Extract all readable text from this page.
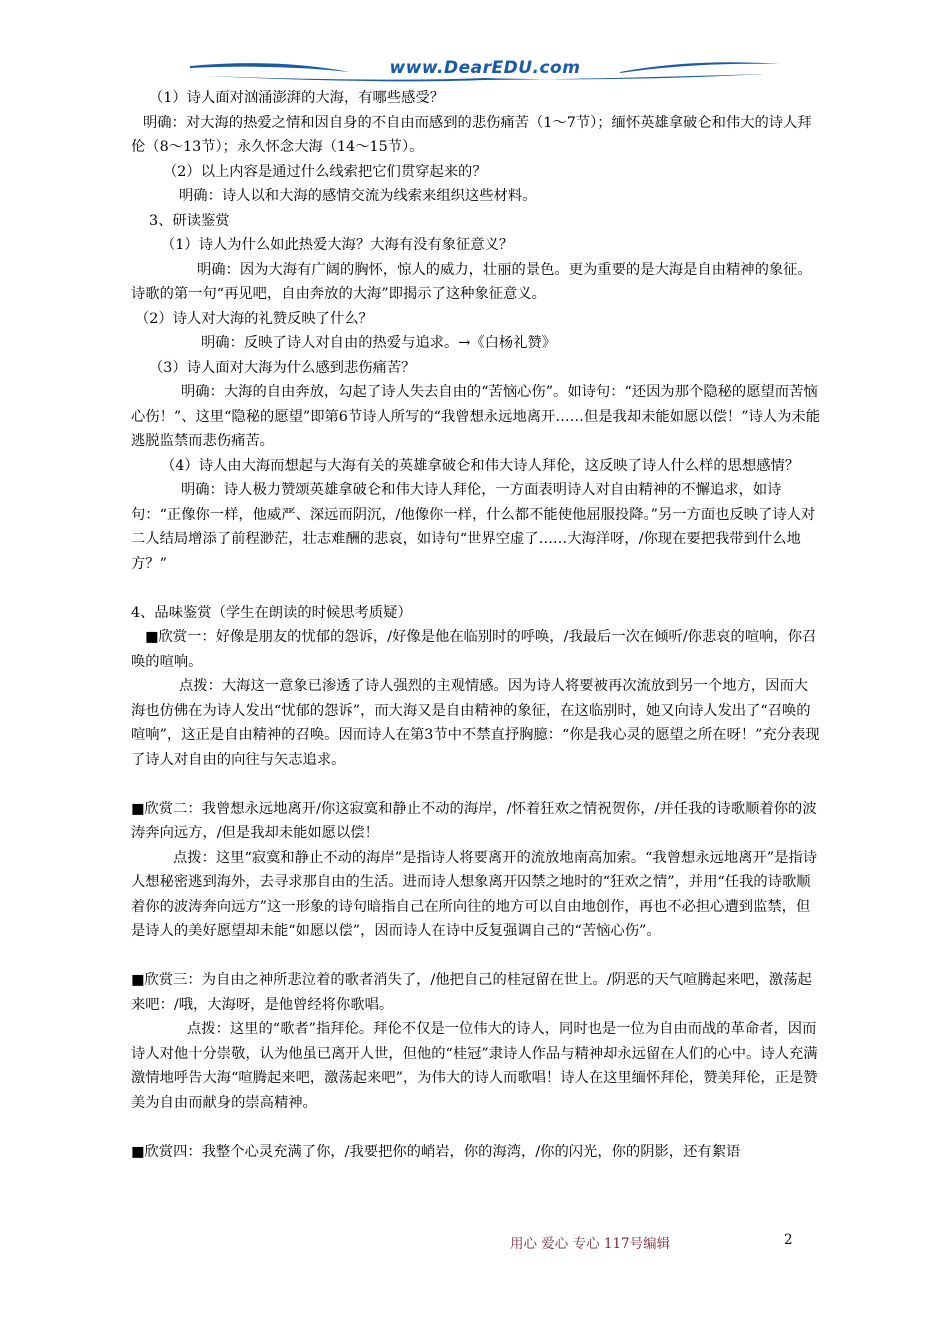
www.DearEDU.com

（1）诗人面对汹涌澎湃的大海，有哪些感受？

明确：对大海的热爱之情和因自身的不自由而感到的悲伤痛苦（1～7节）；缅怀英雄拿破仑和伟大的诗人拜伦（8～13节）；永久怀念大海（14～15节）。

（2）以上内容是通过什么线索把它们贯穿起来的？

明确：诗人以和大海的感情交流为线索来组织这些材料。

3、研读鉴赏

（1）诗人为什么如此热爱大海？大海有没有象征意义？

明确：因为大海有广阔的胸怀，惊人的威力，壮丽的景色。更为重要的是大海是自由精神的象征。诗歌的第一句“再见吧，自由奔放的大海”即揭示了这种象征意义。

（2）诗人对大海的礼赞反映了什么？

明确：反映了诗人对自由的热爱与追求。→《白杨礼赞》

（3）诗人面对大海为什么感到悲伤痛苦？

明确：大海的自由奔放，勾起了诗人失去自由的“苦恼心伤”。如诗句：“还因为那个隐秘的愿望而苦恼心伤！”、这里“隐秘的愿望”即第6节诗人所写的“我曾想永远地离开……但是我却未能如愿以偿！”诗人为未能逃脱监禁而悲伤痛苦。

（4）诗人由大海而想起与大海有关的英雄拿破仑和伟大诗人拜伦，这反映了诗人什么样的思想感情？

明确：诗人极力赞颂英雄拿破仑和伟大诗人拜伦，一方面表明诗人对自由精神的不懈追求，如诗句：“正像你一样，他威严、深远而阴沉，/他像你一样，什么都不能使他屈服投降。”另一方面也反映了诗人对二人结局增添了前程渺茫，壮志难酬的悲哀，如诗句“世界空虚了……大海洋呀，/你现在要把我带到什么地方？”

4、品味鉴赏（学生在朗读的时候思考质疑）

■欣赏一：好像是朋友的忧郁的怨诉，/好像是他在临别时的呼唤，/我最后一次在倾听/你悲哀的喧响，你召唤的喧响。

点拨：大海这一意象已渗透了诗人强烈的主观情感。因为诗人将要被再次流放到另一个地方，因而大海也仿佛在为诗人发出“忧郁的怨诉”，而大海又是自由精神的象征，在这临别时，她又向诗人发出了“召唤的喧响”，这正是自由精神的召唤。因而诗人在第3节中不禁直抒胸臆：“你是我心灵的愿望之所在呀！”充分表现了诗人对自由的向往与矢志追求。

■欣赏二：我曾想永远地离开/你这寂寞和静止不动的海岸，/怀着狂欢之情祝贺你，/并任我的诗歌顺着你的波涛奔向远方，/但是我却未能如愿以偿！

点拨：这里“寂寞和静止不动的海岸”是指诗人将要离开的流放地南高加索。“我曾想永远地离开”是指诗人想秘密逃到海外，去寻求那自由的生活。进而诗人想象离开囚禁之地时的“狂欢之情”，并用“任我的诗歌顺着你的波涛奔向远方”这一形象的诗句暗指自己在所向往的地方可以自由地创作，再也不必担心遭到监禁，但是诗人的美好愿望却未能“如愿以偿”，因而诗人在诗中反复强调自己的“苦恼心伤”。

■欣赏三：为自由之神所悲泣着的歌者消失了，/他把自己的桂冠留在世上。/阴恶的天气喧腾起来吧，激荡起来吧：/哦，大海呀，是他曾经将你歌唱。

点拨：这里的“歌者”指拜伦。拜伦不仅是一位伟大的诗人，同时也是一位为自由而战的革命者，因而诗人对他十分崇敬，认为他虽已离开人世，但他的“桂冠”隶诗人作品与精神却永远留在人们的心中。诗人充满激情地呼告大海“喧腾起来吧，激荡起来吧”，为伟大的诗人而歌唱！诗人在这里缅怀拜伦，赞美拜伦，正是赞美为自由而献身的崇高精神。

■欣赏四：我整个心灵充满了你，/我要把你的峭岩，你的海湾，/你的闪光，你的阴影，还有絮语

用心 爱心 专心 117号编辑	2
